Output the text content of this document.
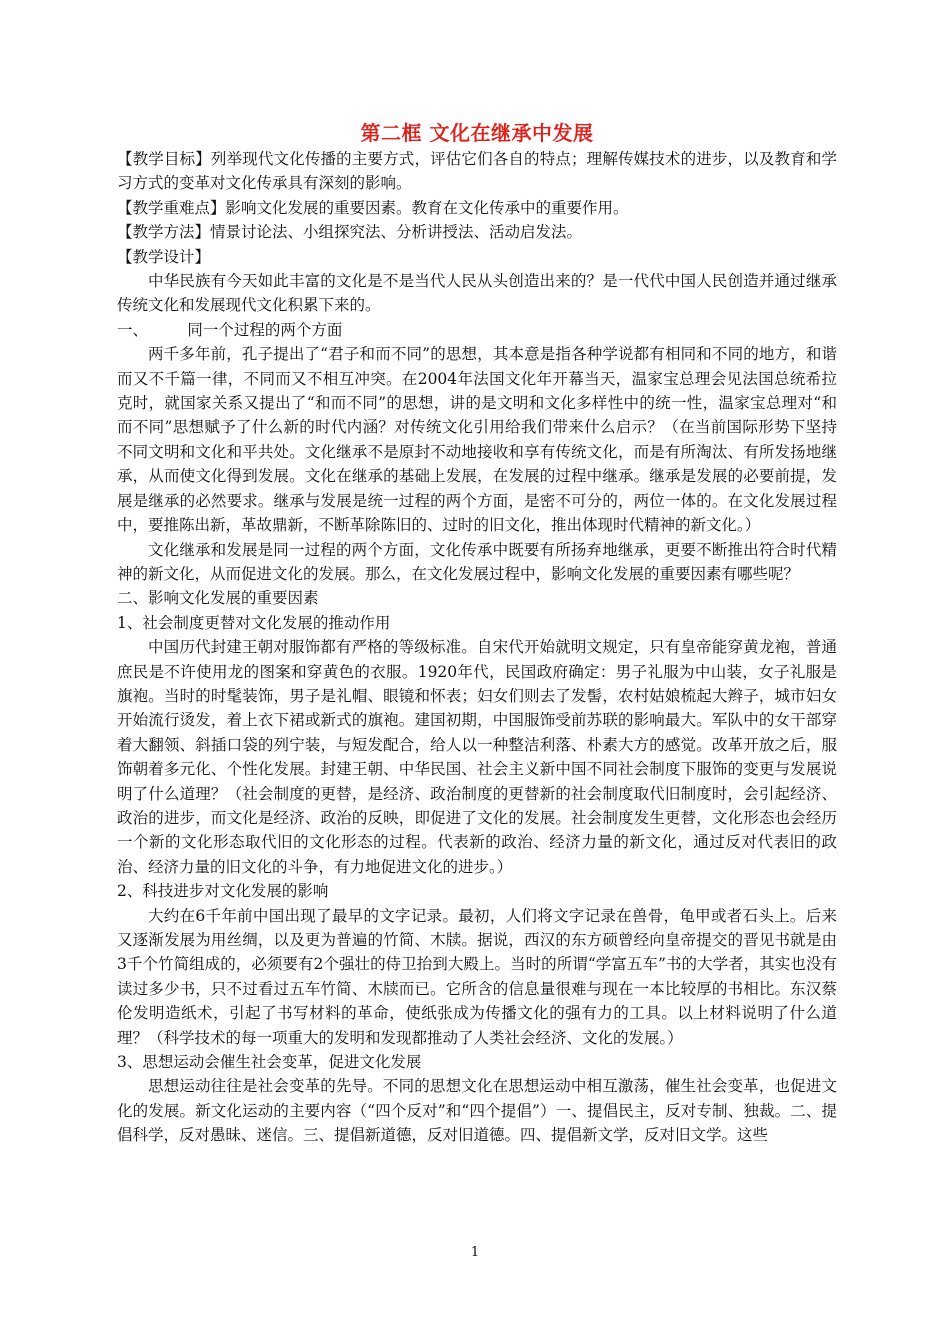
第二框 文化在继承中发展

【教学目标】列举现代文化传播的主要方式，评估它们各自的特点；理解传媒技术的进步，以及教育和学习方式的变革对文化传承具有深刻的影响。

【教学重难点】影响文化发展的重要因素。教育在文化传承中的重要作用。

【教学方法】情景讨论法、小组探究法、分析讲授法、活动启发法。

【教学设计】

中华民族有今天如此丰富的文化是不是当代人民从头创造出来的？是一代代中国人民创造并通过继承传统文化和发展现代文化积累下来的。

一、        同一个过程的两个方面

两千多年前，孔子提出了“君子和而不同”的思想，其本意是指各种学说都有相同和不同的地方，和谐而又不千篇一律，不同而又不相互冲突。在2004年法国文化年开幕当天，温家宝总理会见法国总统希拉克时，就国家关系又提出了“和而不同”的思想，讲的是文明和文化多样性中的统一性，温家宝总理对“和而不同”思想赋予了什么新的时代内涵？对传统文化引用给我们带来什么启示？（在当前国际形势下坚持不同文明和文化和平共处。文化继承不是原封不动地接收和享有传统文化，而是有所淘汰、有所发扬地继承，从而使文化得到发展。文化在继承的基础上发展，在发展的过程中继承。继承是发展的必要前提，发展是继承的必然要求。继承与发展是统一过程的两个方面，是密不可分的，两位一体的。在文化发展过程中，要推陈出新，革故鼎新，不断革除陈旧的、过时的旧文化，推出体现时代精神的新文化。）

文化继承和发展是同一过程的两个方面，文化传承中既要有所扬弃地继承，更要不断推出符合时代精神的新文化，从而促进文化的发展。那么，在文化发展过程中，影响文化发展的重要因素有哪些呢？

二、影响文化发展的重要因素

1、社会制度更替对文化发展的推动作用

中国历代封建王朝对服饰都有严格的等级标准。自宋代开始就明文规定，只有皇帝能穿黄龙袍，普通庶民是不许使用龙的图案和穿黄色的衣服。1920年代，民国政府确定：男子礼服为中山装，女子礼服是旗袍。当时的时髦装饰，男子是礼帽、眼镜和怀表；妇女们则去了发髻，农村姑娘梳起大辫子，城市妇女开始流行烫发，着上衣下裙或新式的旗袍。建国初期，中国服饰受前苏联的影响最大。军队中的女干部穿着大翻领、斜插口袋的列宁装，与短发配合，给人以一种整洁利落、朴素大方的感觉。改革开放之后，服饰朝着多元化、个性化发展。封建王朝、中华民国、社会主义新中国不同社会制度下服饰的变更与发展说明了什么道理？（社会制度的更替，是经济、政治制度的更替新的社会制度取代旧制度时，会引起经济、政治的进步，而文化是经济、政治的反映，即促进了文化的发展。社会制度发生更替，文化形态也会经历一个新的文化形态取代旧的文化形态的过程。代表新的政治、经济力量的新文化，通过反对代表旧的政治、经济力量的旧文化的斗争，有力地促进文化的进步。）

2、科技进步对文化发展的影响

大约在6千年前中国出现了最早的文字记录。最初，人们将文字记录在兽骨，龟甲或者石头上。后来又逐渐发展为用丝绸，以及更为普遍的竹简、木牍。据说，西汉的东方硕曾经向皇帝提交的晋见书就是由3千个竹简组成的，必须要有2个强壮的侍卫抬到大殿上。当时的所谓“学富五车”书的大学者，其实也没有读过多少书，只不过看过五车竹简、木牍而已。它所含的信息量很难与现在一本比较厚的书相比。东汉蔡伦发明造纸术，引起了书写材料的革命，使纸张成为传播文化的强有力的工具。以上材料说明了什么道理？（科学技术的每一项重大的发明和发现都推动了人类社会经济、文化的发展。）

3、思想运动会催生社会变革，促进文化发展

思想运动往往是社会变革的先导。不同的思想文化在思想运动中相互激荡，催生社会变革，也促进文化的发展。新文化运动的主要内容（“四个反对”和“四个提倡”）一、提倡民主，反对专制、独裁。二、提倡科学，反对愚昧、迷信。三、提倡新道德，反对旧道德。四、提倡新文学，反对旧文学。这些

1
